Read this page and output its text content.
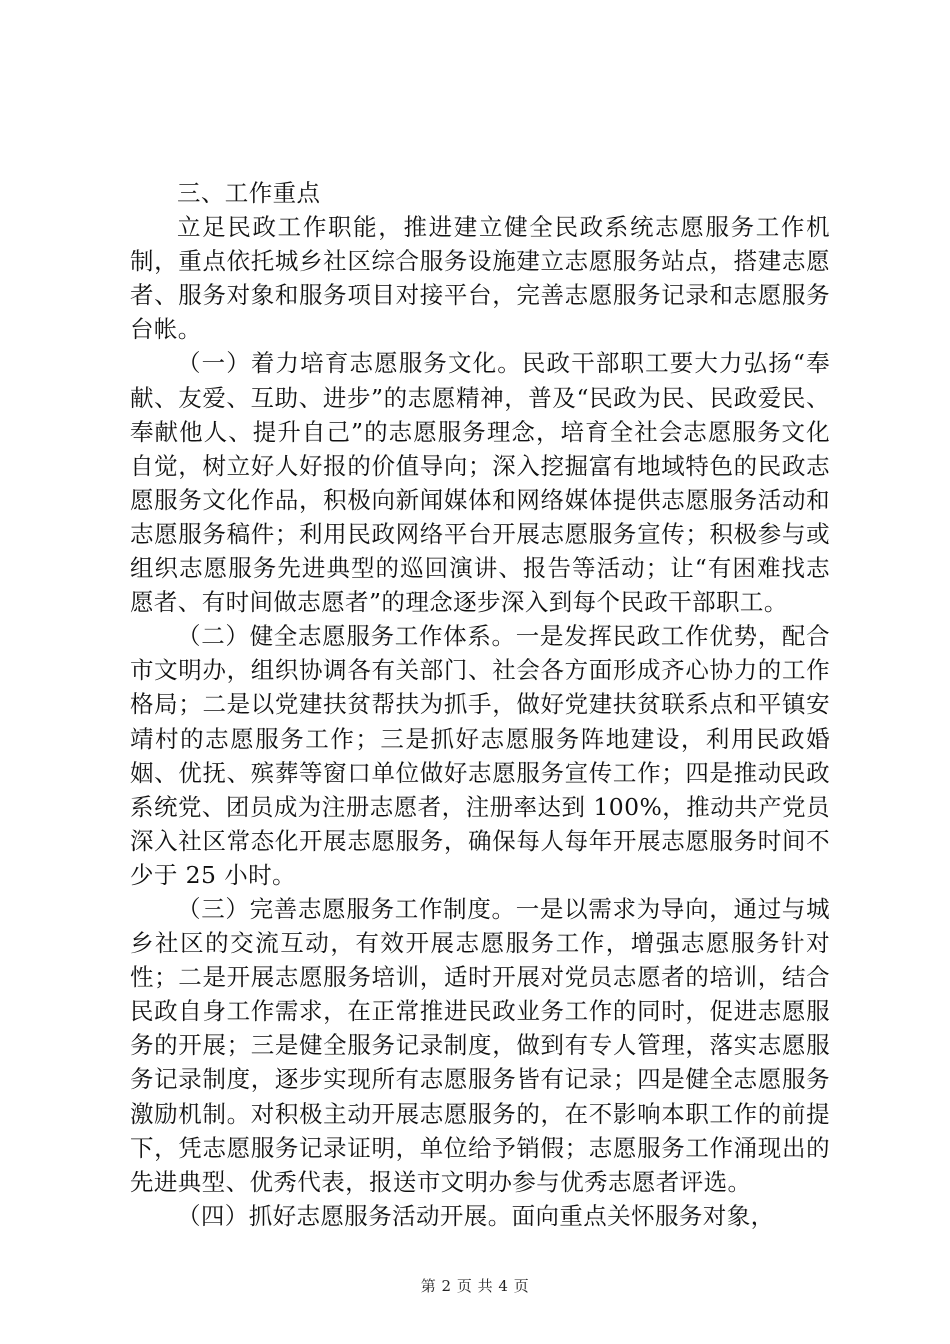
三、工作重点

立足民政工作职能，推进建立健全民政系统志愿服务工作机制，重点依托城乡社区综合服务设施建立志愿服务站点，搭建志愿者、服务对象和服务项目对接平台，完善志愿服务记录和志愿服务台帐。

（一）着力培育志愿服务文化。民政干部职工要大力弘扬“奉献、友爱、互助、进步”的志愿精神，普及“民政为民、民政爱民、奉献他人、提升自己”的志愿服务理念，培育全社会志愿服务文化自觉，树立好人好报的价值导向；深入挖掘富有地域特色的民政志愿服务文化作品，积极向新闻媒体和网络媒体提供志愿服务活动和志愿服务稿件；利用民政网络平台开展志愿服务宣传；积极参与或组织志愿服务先进典型的巡回演讲、报告等活动；让“有困难找志愿者、有时间做志愿者”的理念逐步深入到每个民政干部职工。

（二）健全志愿服务工作体系。一是发挥民政工作优势，配合市文明办，组织协调各有关部门、社会各方面形成齐心协力的工作格局；二是以党建扶贫帮扶为抓手，做好党建扶贫联系点和平镇安靖村的志愿服务工作；三是抓好志愿服务阵地建设，利用民政婚姻、优抚、殡葬等窗口单位做好志愿服务宣传工作；四是推动民政系统党、团员成为注册志愿者，注册率达到 100%，推动共产党员深入社区常态化开展志愿服务，确保每人每年开展志愿服务时间不少于 25 小时。

（三）完善志愿服务工作制度。一是以需求为导向，通过与城乡社区的交流互动，有效开展志愿服务工作，增强志愿服务针对性；二是开展志愿服务培训，适时开展对党员志愿者的培训，结合民政自身工作需求，在正常推进民政业务工作的同时，促进志愿服务的开展；三是健全服务记录制度，做到有专人管理，落实志愿服务记录制度，逐步实现所有志愿服务皆有记录；四是健全志愿服务激励机制。对积极主动开展志愿服务的，在不影响本职工作的前提下，凭志愿服务记录证明，单位给予销假；志愿服务工作涌现出的先进典型、优秀代表，报送市文明办参与优秀志愿者评选。

（四）抓好志愿服务活动开展。面向重点关怀服务对象，

第 2 页 共 4 页
